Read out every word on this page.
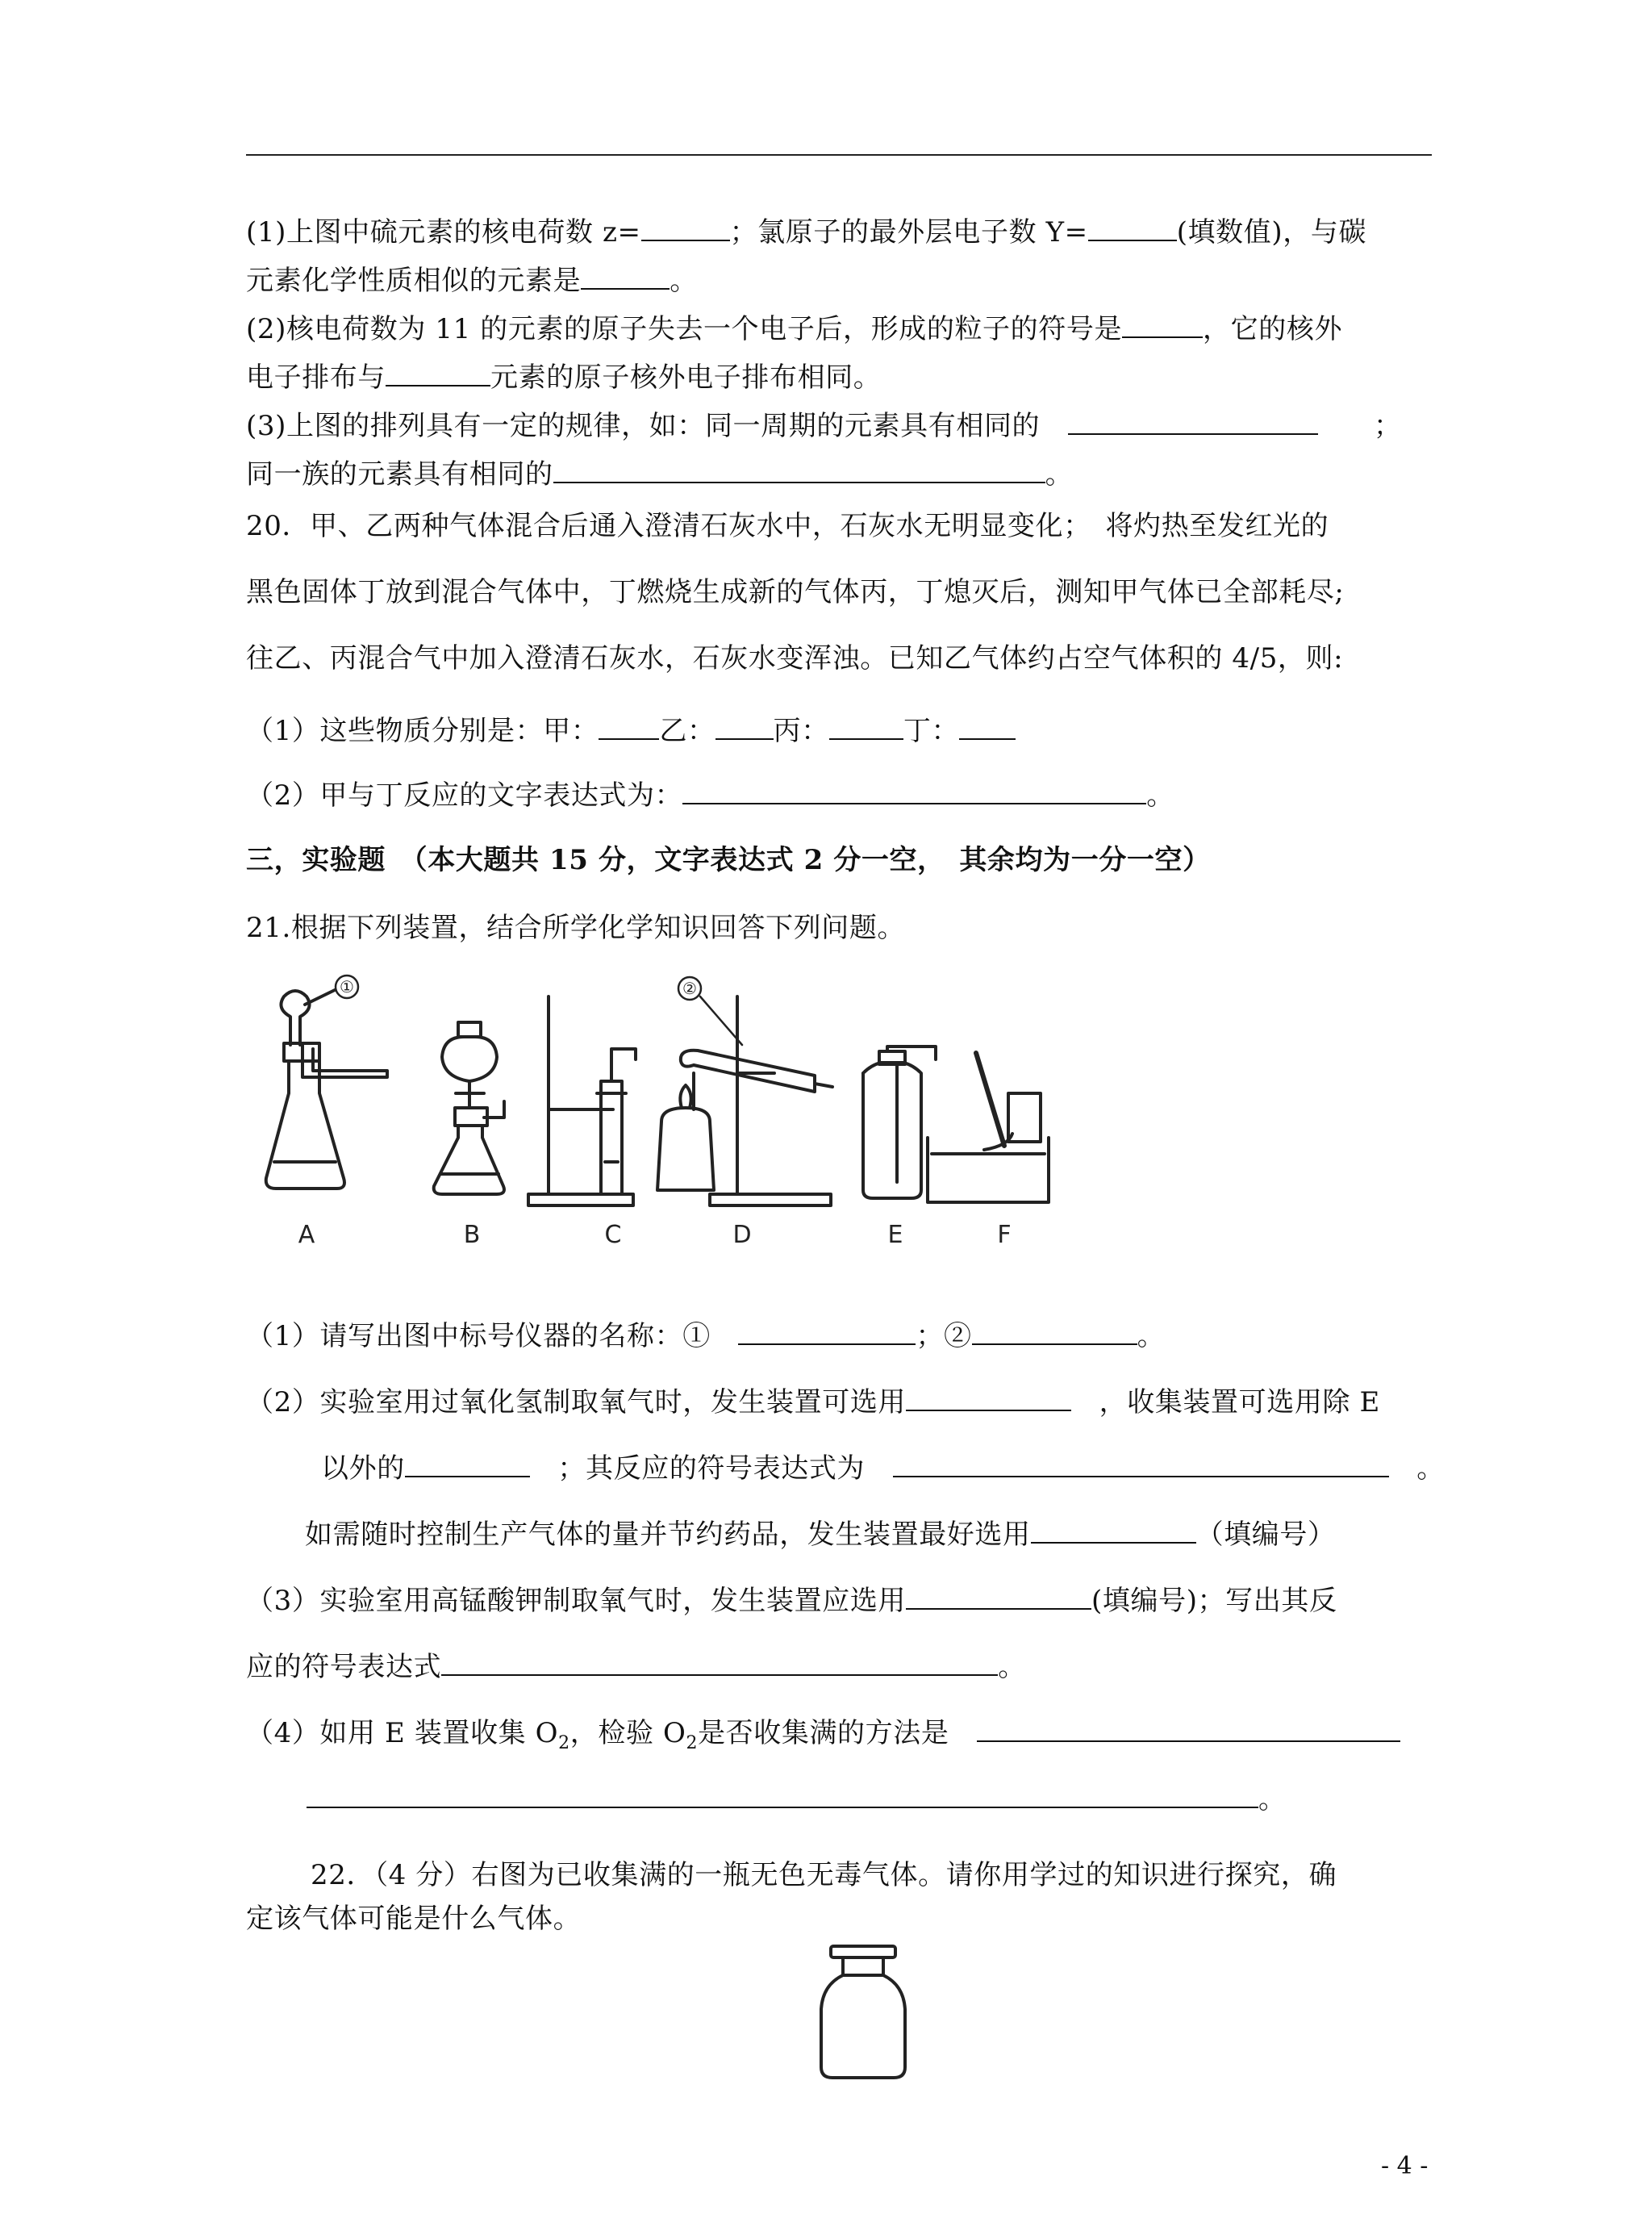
(1)上图中硫元素的核电荷数 z=	；氯原子的最外层电子数 Y=	(填数值)，与碳
元素化学性质相似的元素是	。
(2)核电荷数为 11 的元素的原子失去一个电子后，形成的粒子的符号是	，它的核外
电子排布与	元素的原子核外电子排布相同。
(3)上图的排列具有一定的规律，如：同一周期的元素具有相同的　　　	；
同一族的元素具有相同的	。
20．甲、乙两种气体混合后通入澄清石灰水中，石灰水无明显变化；　将灼热至发红光的
黑色固体丁放到混合气体中，丁燃烧生成新的气体丙，丁熄灭后，测知甲气体已全部耗尽;
往乙、丙混合气中加入澄清石灰水，石灰水变浑浊。已知乙气体约占空气体积的 4/5，则:
（1）这些物质分别是：甲： 乙： 丙：	丁：
（2）甲与丁反应的文字表达式为：	。
三，实验题　 （本大题共 15 分，文字表达式 2 分一空，　其余均为一分一空）
21.根据下列装置，结合所学化学知识回答下列问题。
①	②
A	B	C	D	E	F
（1）请写出图中标号仪器的名称：①　	；②	。
（2）实验室用过氧化氢制取氧气时，发生装置可选用　	，收集装置可选用除 E
以外的　	；其反应的符号表达式为　　	。
如需随时控制生产气体的量并节约药品，发生装置最好选用	（填编号）
（3）实验室用高锰酸钾制取氧气时，发生装置应选用	(填编号)；写出其反
应的符号表达式	。
（4）如用 E 装置收集 $O_2$，检验 $O_2$是否收集满的方法是　
。
22．（4 分）右图为已收集满的一瓶无色无毒气体。请你用学过的知识进行探究，确
定该气体可能是什么气体。
- 4 -
